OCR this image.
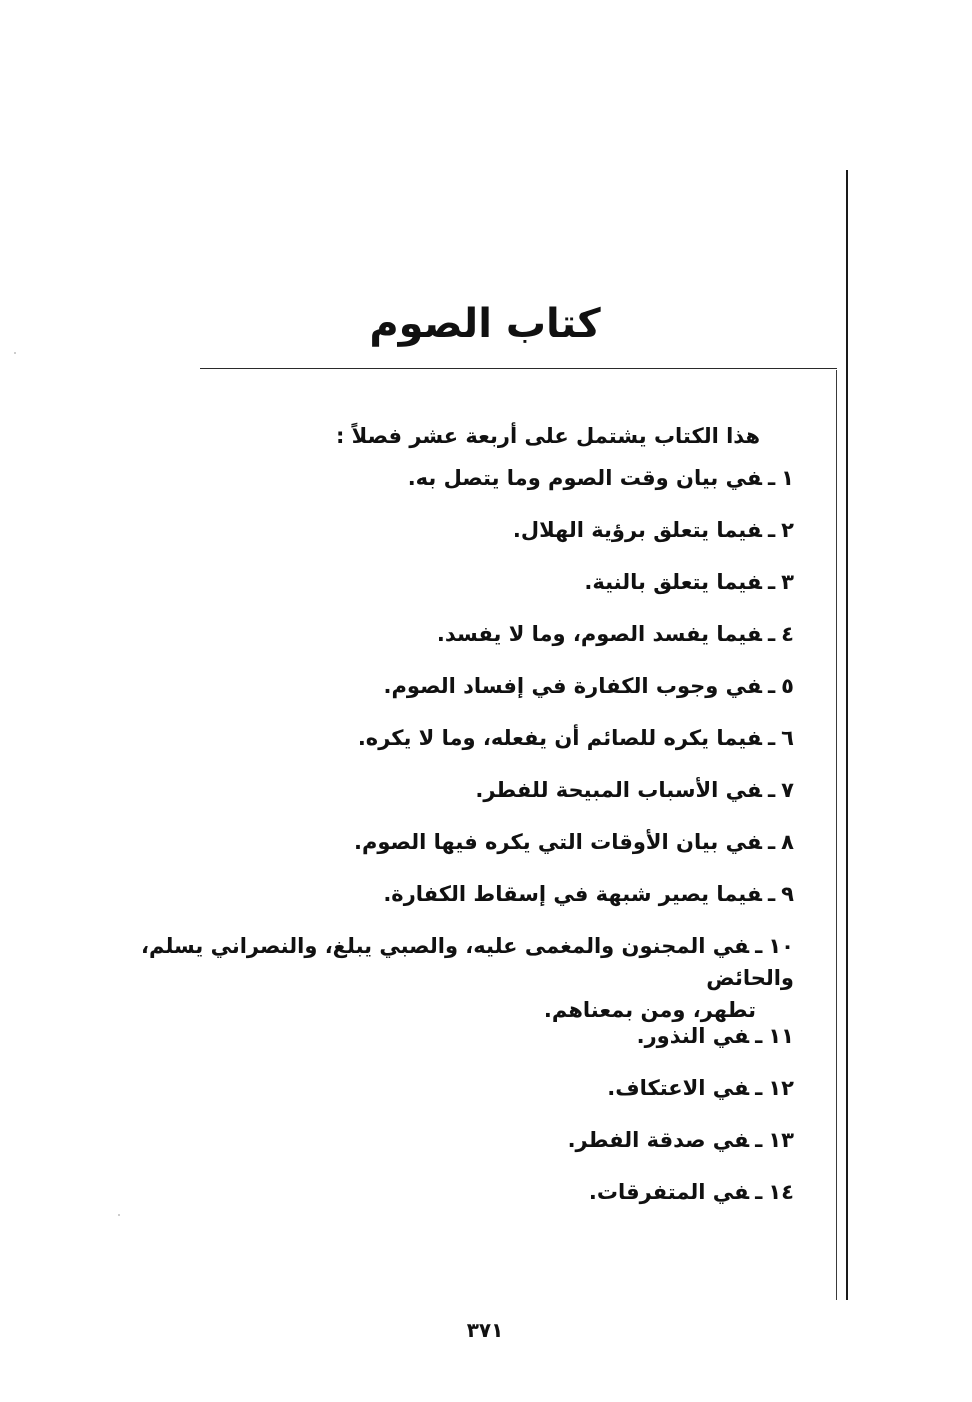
كتاب الصوم
هذا الكتاب يشتمل على أربعة عشر فصلاً :
١ـفي بيان وقت الصوم وما يتصل به.
٢ـفيما يتعلق برؤية الهلال.
٣ـفيما يتعلق بالنية.
٤ـفيما يفسد الصوم، وما لا يفسد.
٥ـفي وجوب الكفارة في إفساد الصوم.
٦ـفيما يكره للصائم أن يفعله، وما لا يكره.
٧ـفي الأسباب المبيحة للفطر.
٨ـفي بيان الأوقات التي يكره فيها الصوم.
٩ـفيما يصير شبهة في إسقاط الكفارة.
١٠ـفي المجنون والمغمى عليه، والصبي يبلغ، والنصراني يسلم، والحائض
تطهر، ومن بمعناهم.
١١ـفي النذور.
١٢ـفي الاعتكاف.
١٣ـفي صدقة الفطر.
١٤ـفي المتفرقات.
٣٧١
